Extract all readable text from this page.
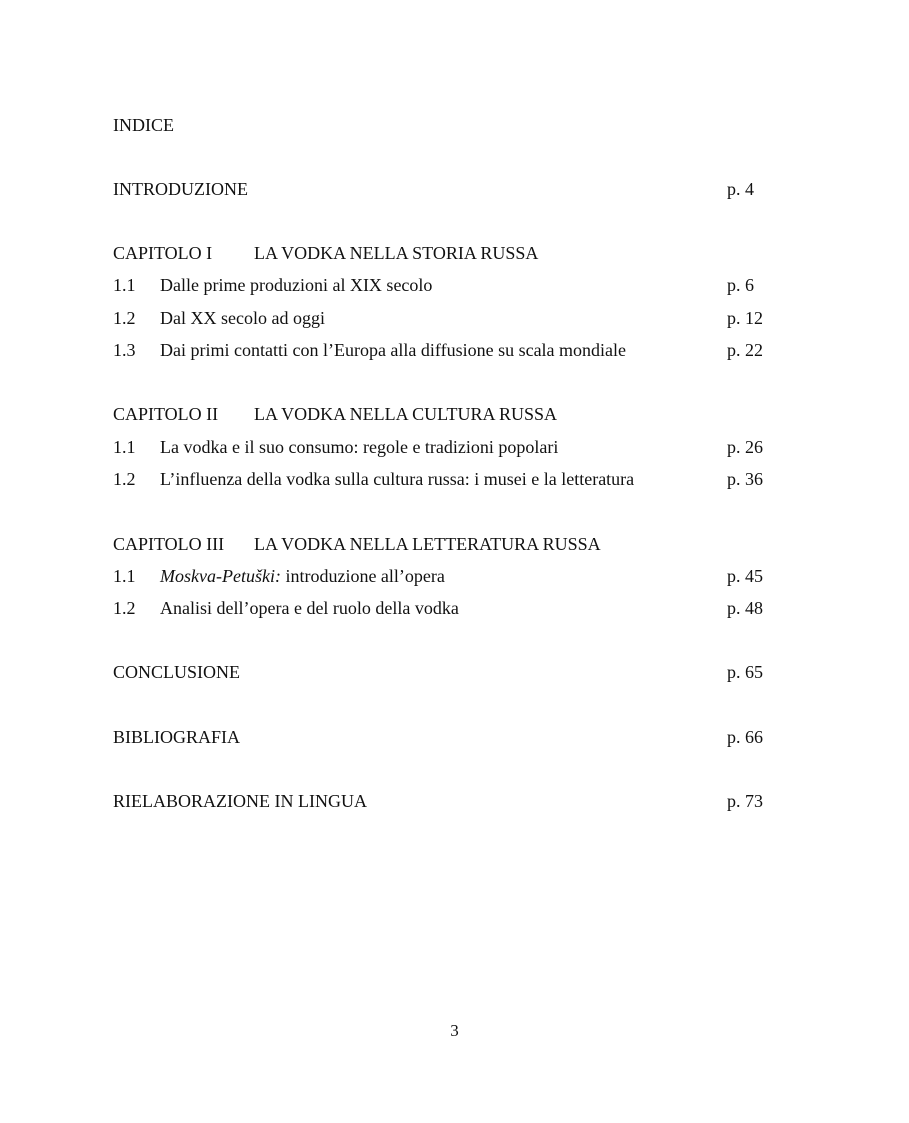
INDICE
INTRODUZIONE	p. 4
CAPITOLO I LA VODKA NELLA STORIA RUSSA
1.1 Dalle prime produzioni al XIX secolo	p. 6
1.2 Dal XX secolo ad oggi	p. 12
1.3 Dai primi contatti con l’Europa alla diffusione su scala mondiale	p. 22
CAPITOLO II LA VODKA NELLA CULTURA RUSSA
1.1 La vodka e il suo consumo: regole e tradizioni popolari	p. 26
1.2 L’influenza della vodka sulla cultura russa: i musei e la letteratura	p. 36
CAPITOLO III LA VODKA NELLA LETTERATURA RUSSA
1.1 Moskva-Petuški: introduzione all’opera	p. 45
1.2 Analisi dell’opera e del ruolo della vodka	p. 48
CONCLUSIONE	p. 65
BIBLIOGRAFIA	p. 66
RIELABORAZIONE IN LINGUA	p. 73
3
